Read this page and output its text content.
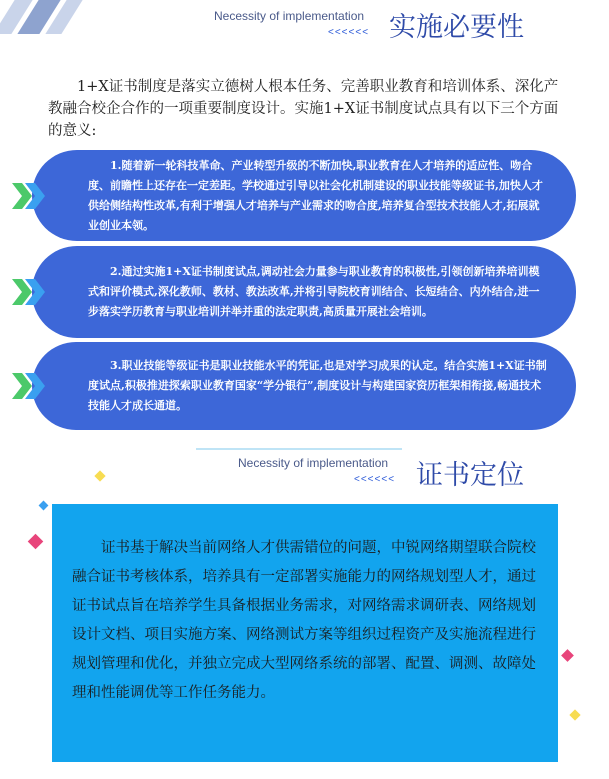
Necessity of implementation
<<<<<< 实施必要性

1+X证书制度是落实立德树人根本任务、完善职业教育和培训体系、深化产教融合校企合作的一项重要制度设计。实施1+X证书制度试点具有以下三个方面的意义:

1.随着新一轮科技革命、产业转型升级的不断加快,职业教育在人才培养的适应性、吻合度、前瞻性上还存在一定差距。学校通过引导以社会化机制建设的职业技能等级证书,加快人才供给侧结构性改革,有利于增强人才培养与产业需求的吻合度,培养复合型技术技能人才,拓展就业创业本领。

2.通过实施1+X证书制度试点,调动社会力量参与职业教育的积极性,引领创新培养培训模式和评价模式,深化教师、教材、教法改革,并将引导院校育训结合、长短结合、内外结合,进一步落实学历教育与职业培训并举并重的法定职责,高质量开展社会培训。

3.职业技能等级证书是职业技能水平的凭证,也是对学习成果的认定。结合实施1+X证书制度试点,积极推进探索职业教育国家“学分银行”,制度设计与构建国家资历框架相衔接,畅通技术技能人才成长通道。

Necessity of implementation
<<<<<< 证书定位

证书基于解决当前网络人才供需错位的问题，中锐网络期望联合院校融合证书考核体系，培养具有一定部署实施能力的网络规划型人才，通过证书试点旨在培养学生具备根据业务需求，对网络需求调研表、网络规划设计文档、项目实施方案、网络测试方案等组织过程资产及实施流程进行规划管理和优化，并独立完成大型网络系统的部署、配置、调测、故障处理和性能调优等工作任务能力。
